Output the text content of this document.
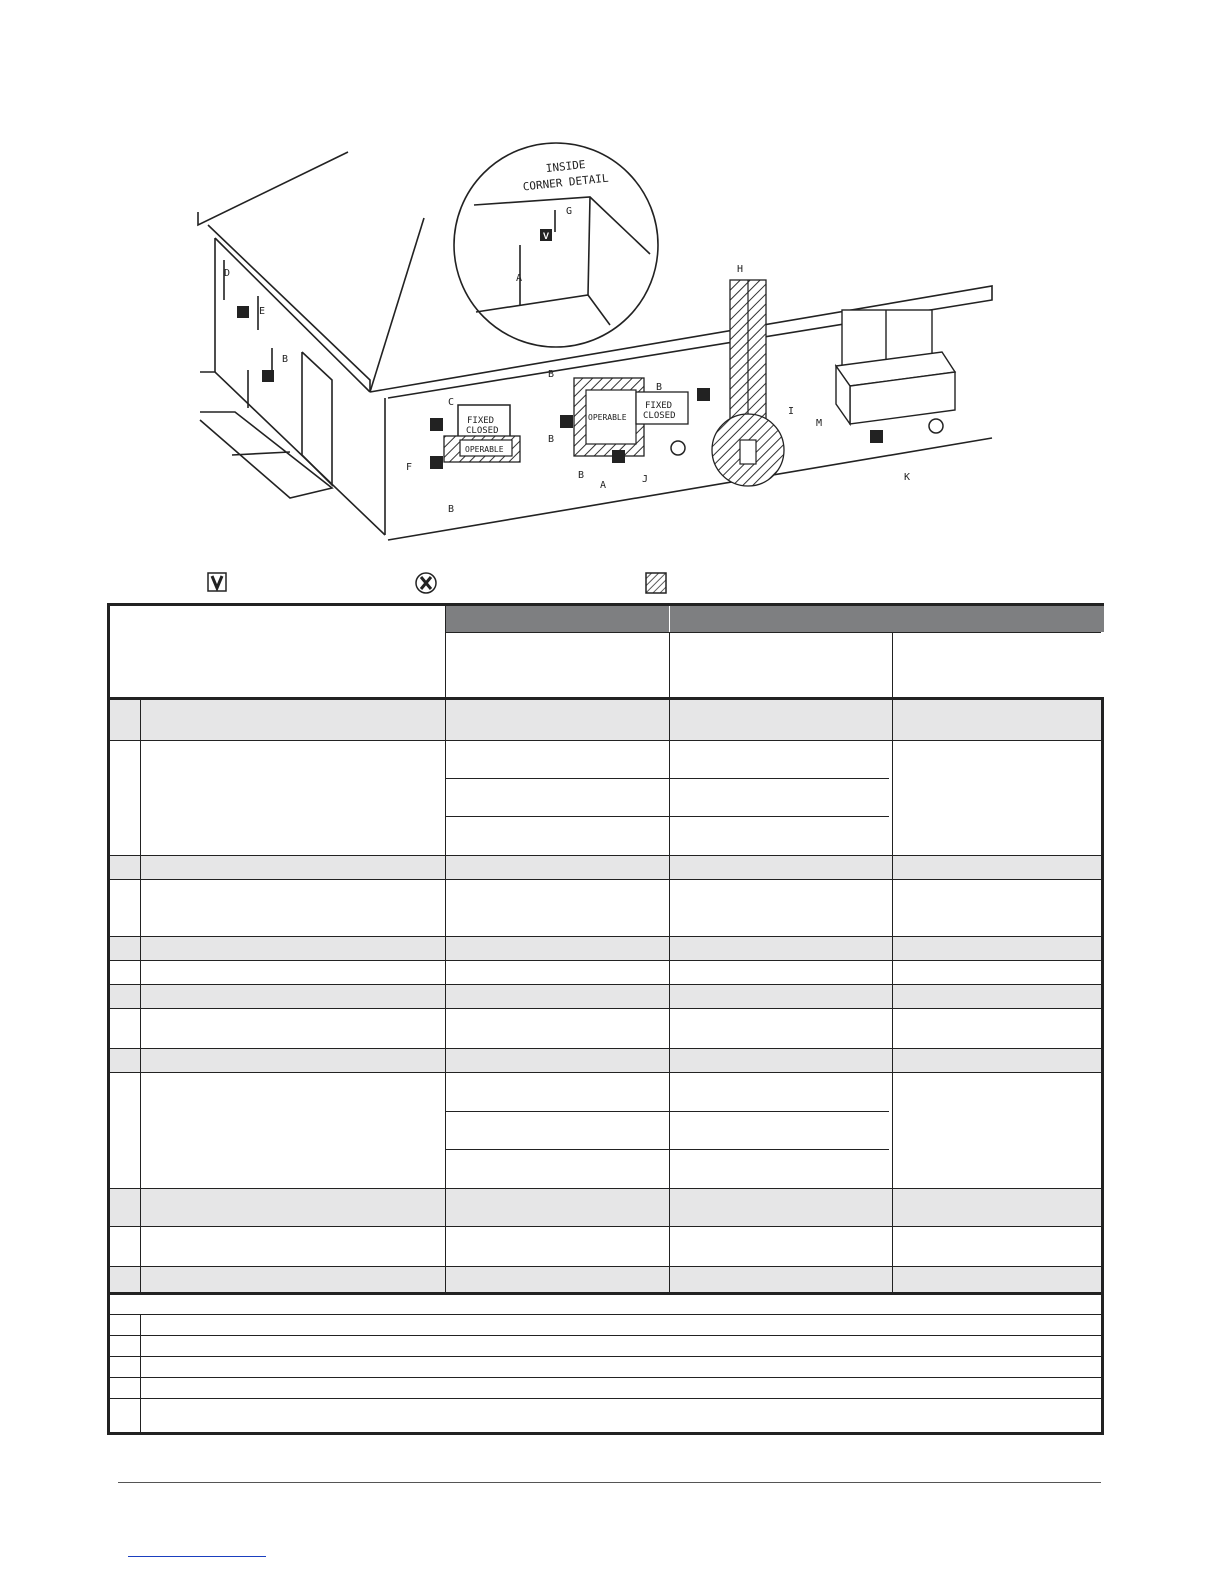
INSIDE
CORNER DETAIL
G
A
V
FIXED
CLOSED
OPERABLE
OPERABLE
FIXED
CLOSED
H
I
D
E
B
C
F
B
B
B
B
B
A
J	K
M
